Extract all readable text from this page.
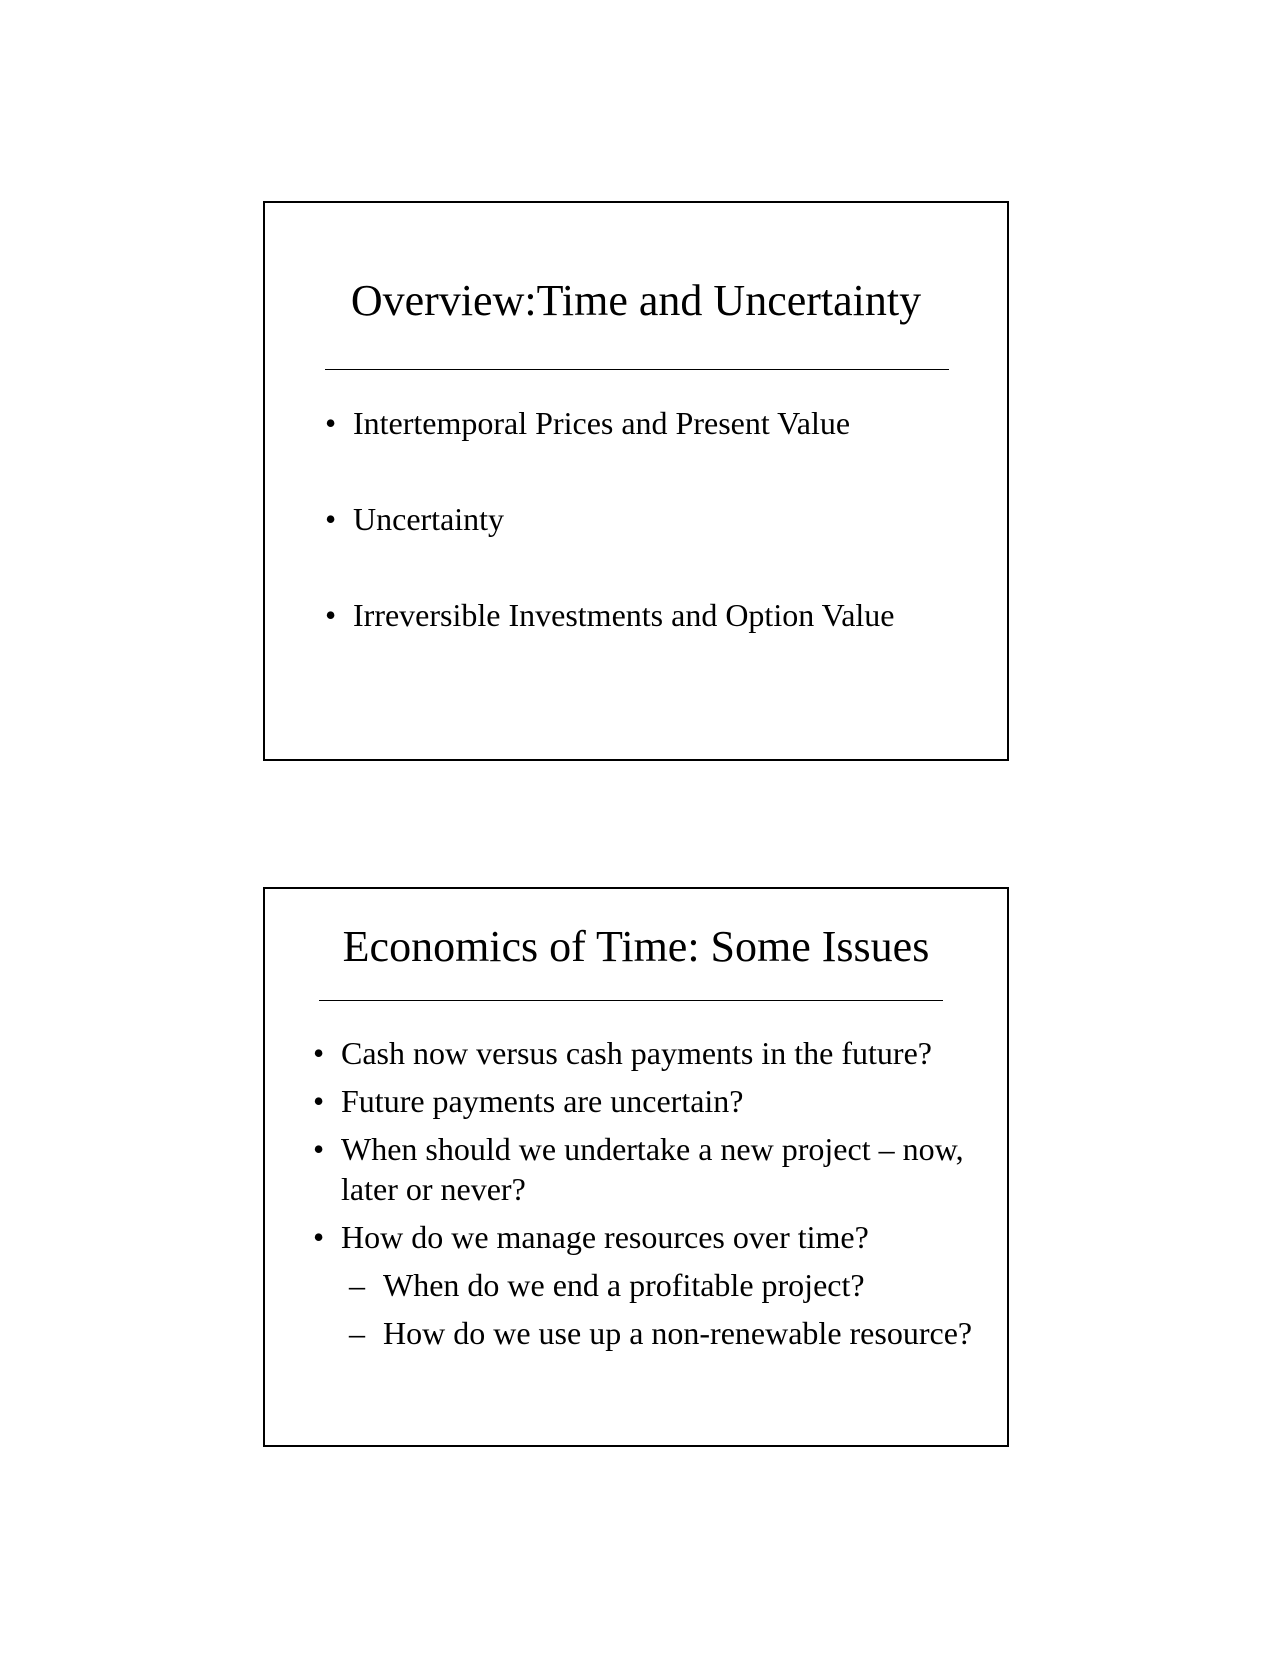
Overview:Time and Uncertainty
• Intertemporal Prices and Present Value
• Uncertainty
• Irreversible Investments and Option Value
Economics of Time: Some Issues
• Cash now versus cash payments in the future?
• Future payments are uncertain?
• When should we undertake a new project – now, later or never?
• How do we manage resources over time?
– When do we end a profitable project?
– How do we use up a non-renewable resource?
